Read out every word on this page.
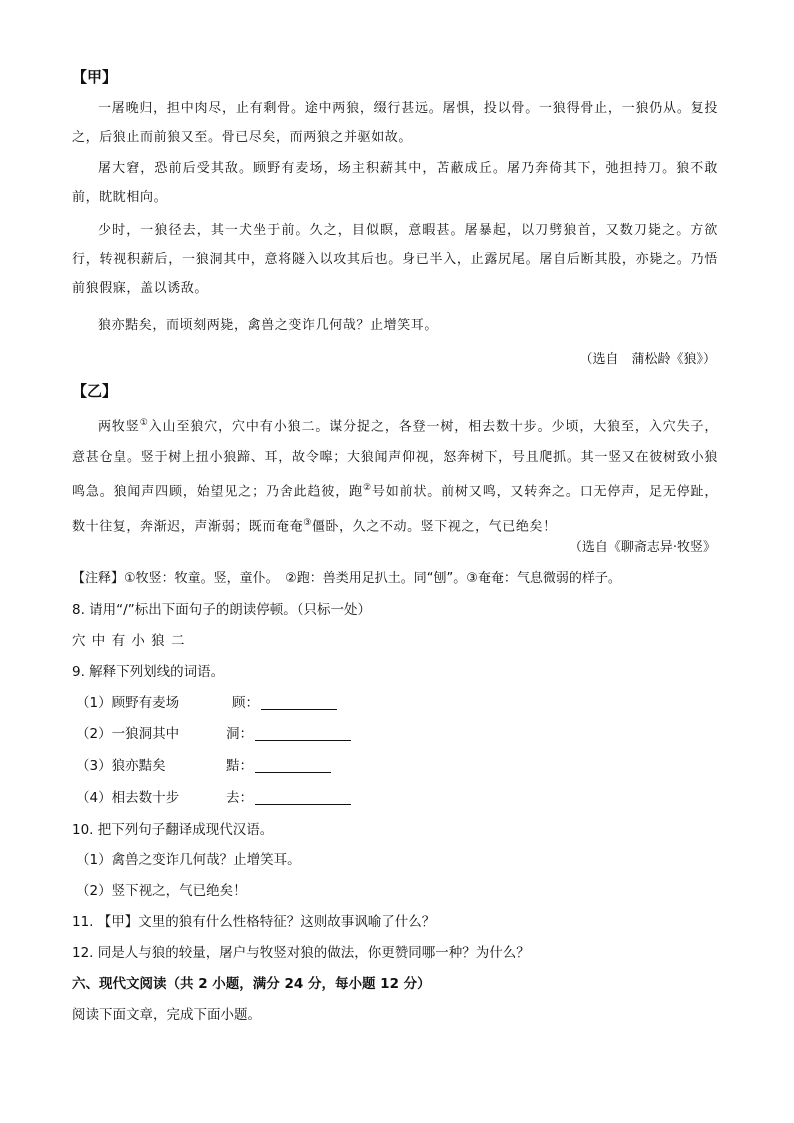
【甲】
一屠晚归，担中肉尽，止有剩骨。途中两狼，缀行甚远。屠惧，投以骨。一狼得骨止，一狼仍从。复投之，后狼止而前狼又至。骨已尽矣，而两狼之并驱如故。
屠大窘，恐前后受其敌。顾野有麦场，场主积薪其中，苫蔽成丘。屠乃奔倚其下，弛担持刀。狼不敢前，眈眈相向。
少时，一狼径去，其一犬坐于前。久之，目似瞑，意暇甚。屠暴起，以刀劈狼首，又数刀毙之。方欲行，转视积薪后，一狼洞其中，意将隧入以攻其后也。身已半入，止露尻尾。屠自后断其股，亦毙之。乃悟前狼假寐，盖以诱敌。
狼亦黠矣，而顷刻两毙，禽兽之变诈几何哉？止增笑耳。
（选自　蒲松龄《狼》）
【乙】
两牧竖①入山至狼穴，穴中有小狼二。谋分捉之，各登一树，相去数十步。少顷，大狼至，入穴失子，意甚仓皇。竖于树上扭小狼蹄、耳，故令嗥；大狼闻声仰视，怒奔树下，号且爬抓。其一竖又在彼树致小狼鸣急。狼闻声四顾，始望见之；乃舍此趋彼，跑②号如前状。前树又鸣，又转奔之。口无停声，足无停趾，数十往复，奔渐迟，声渐弱；既而奄奄③僵卧，久之不动。竖下视之，气已绝矣！
（选自《聊斋志异·牧竖》
【注释】①牧竖：牧童。竖，童仆。　②跑：兽类用足扒土。同“刨”。③奄奄：气息微弱的样子。
8. 请用“/”标出下面句子的朗读停顿。（只标一处）
穴 中 有 小 狼 二
9. 解释下列划线的词语。
（1）顾野有麦场	顾：
（2）一狼洞其中	洞：
（3）狼亦黠矣	黠：
（4）相去数十步	去：
10. 把下列句子翻译成现代汉语。
（1）禽兽之变诈几何哉？止增笑耳。
（2）竖下视之，气已绝矣！
11. 【甲】文里的狼有什么性格特征？这则故事讽喻了什么？
12. 同是人与狼的较量，屠户与牧竖对狼的做法，你更赞同哪一种？为什么？
六、现代文阅读（共 2 小题，满分 24 分，每小题 12 分）
阅读下面文章，完成下面小题。
